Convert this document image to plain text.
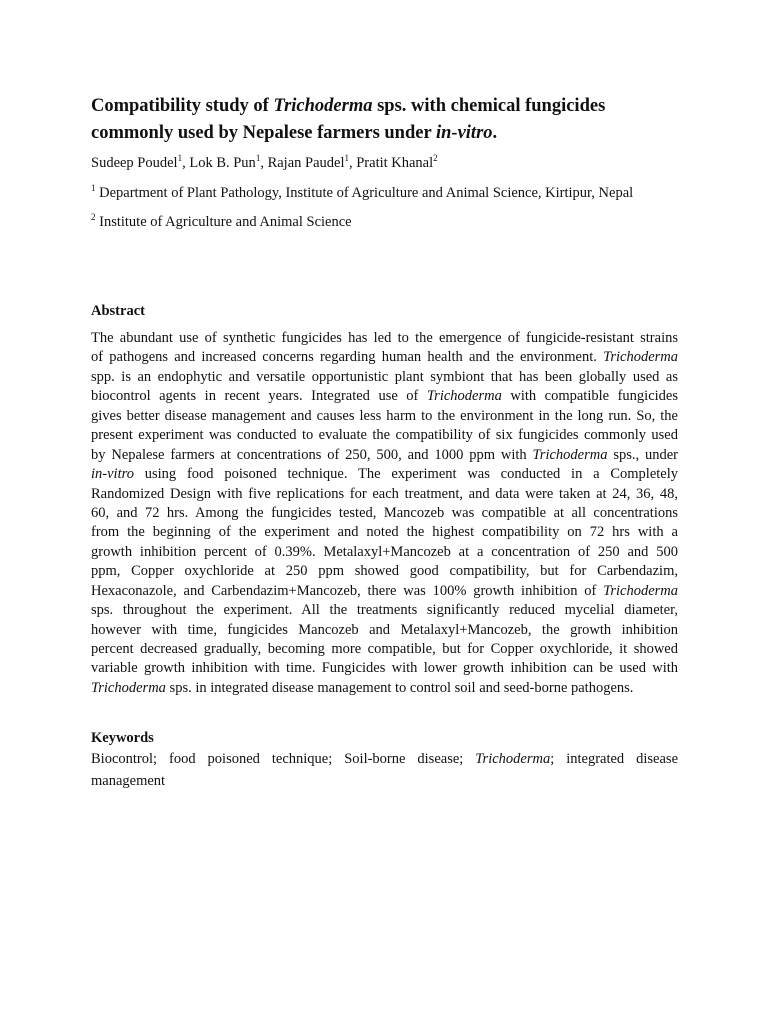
Compatibility study of Trichoderma sps. with chemical fungicides
commonly used by Nepalese farmers under in-vitro.
Sudeep Poudel$^1$, Lok B. Pun$^1$, Rajan Paudel$^1$, Pratit Khanal$^2$
$^1$ Department of Plant Pathology, Institute of Agriculture and Animal Science, Kirtipur, Nepal
$^2$ Institute of Agriculture and Animal Science
Abstract

The abundant use of synthetic fungicides has led to the emergence of fungicide-resistant strains
of pathogens and increased concerns regarding human health and the environment. Trichoderma
spp. is an endophytic and versatile opportunistic plant symbiont that has been globally used as
biocontrol agents in recent years. Integrated use of Trichoderma with compatible fungicides
gives better disease management and causes less harm to the environment in the long run. So, the
present experiment was conducted to evaluate the compatibility of six fungicides commonly used
by Nepalese farmers at concentrations of 250, 500, and 1000 ppm with Trichoderma sps., under
in-vitro using food poisoned technique. The experiment was conducted in a Completely
Randomized Design with five replications for each treatment, and data were taken at 24, 36, 48,
60, and 72 hrs. Among the fungicides tested, Mancozeb was compatible at all concentrations
from the beginning of the experiment and noted the highest compatibility on 72 hrs with a
growth inhibition percent of 0.39%. Metalaxyl+Mancozeb at a concentration of 250 and 500
ppm, Copper oxychloride at 250 ppm showed good compatibility, but for Carbendazim,
Hexaconazole, and Carbendazim+Mancozeb, there was 100% growth inhibition of Trichoderma
sps. throughout the experiment. All the treatments significantly reduced mycelial diameter,
however with time, fungicides Mancozeb and Metalaxyl+Mancozeb, the growth inhibition
percent decreased gradually, becoming more compatible, but for Copper oxychloride, it showed
variable growth inhibition with time. Fungicides with lower growth inhibition can be used with
Trichoderma sps. in integrated disease management to control soil and seed-borne pathogens.

Keywords
Biocontrol; food poisoned technique; Soil-borne disease; Trichoderma; integrated disease
management
